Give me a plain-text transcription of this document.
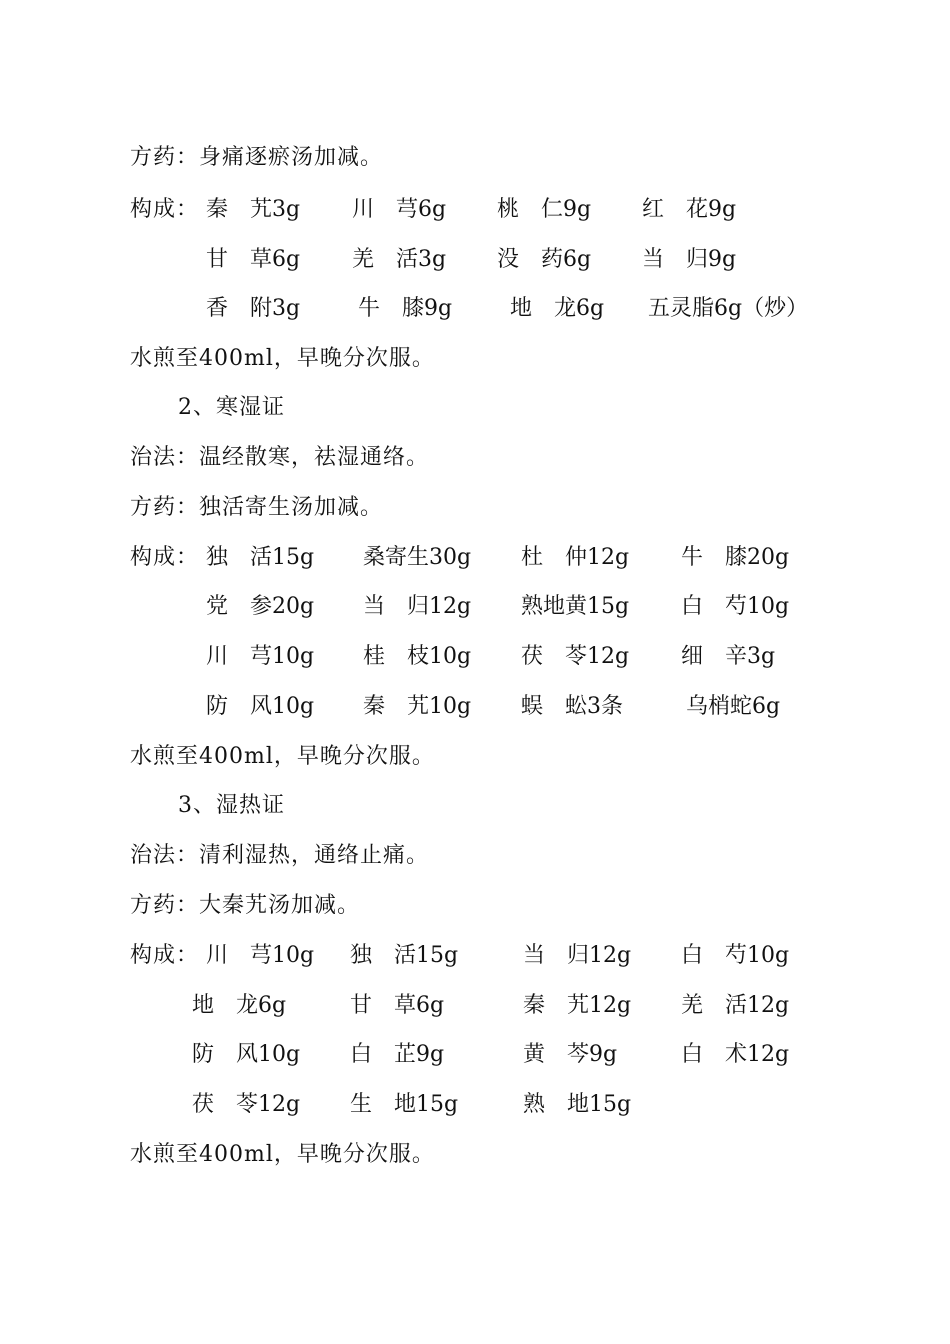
方药：身痛逐瘀汤加减。
构成： 秦　艽3g 川　芎6g 桃　仁9g 红　花9g
甘　草6g 羌　活3g 没　药6g 当　归9g
香　附3g	牛　膝9g	地　龙6g 五灵脂6g（炒）
水煎至400ml，早晚分次服。
2、寒湿证
治法：温经散寒，祛湿通络。
方药：独活寄生汤加减。
构成： 独　活15g 桑寄生30g 杜　仲12g 牛　膝20g
党　参20g 当　归12g 熟地黄15g 白　芍10g
川　芎10g 桂　枝10g 茯　苓12g 细　辛3g
防　风10g 秦　艽10g 蜈　蚣3条	乌梢蛇6g
水煎至400ml，早晚分次服。
3、湿热证
治法：清利湿热，通络止痛。
方药：大秦艽汤加减。
构成： 川　芎10g 独　活15g	当　归12g 白　芍10g
地　龙6g	甘　草6g	秦　艽12g 羌　活12g
防　风10g 白　芷9g	黄　芩9g	白　术12g
茯　苓12g 生　地15g	熟　地15g
水煎至400ml，早晚分次服。
